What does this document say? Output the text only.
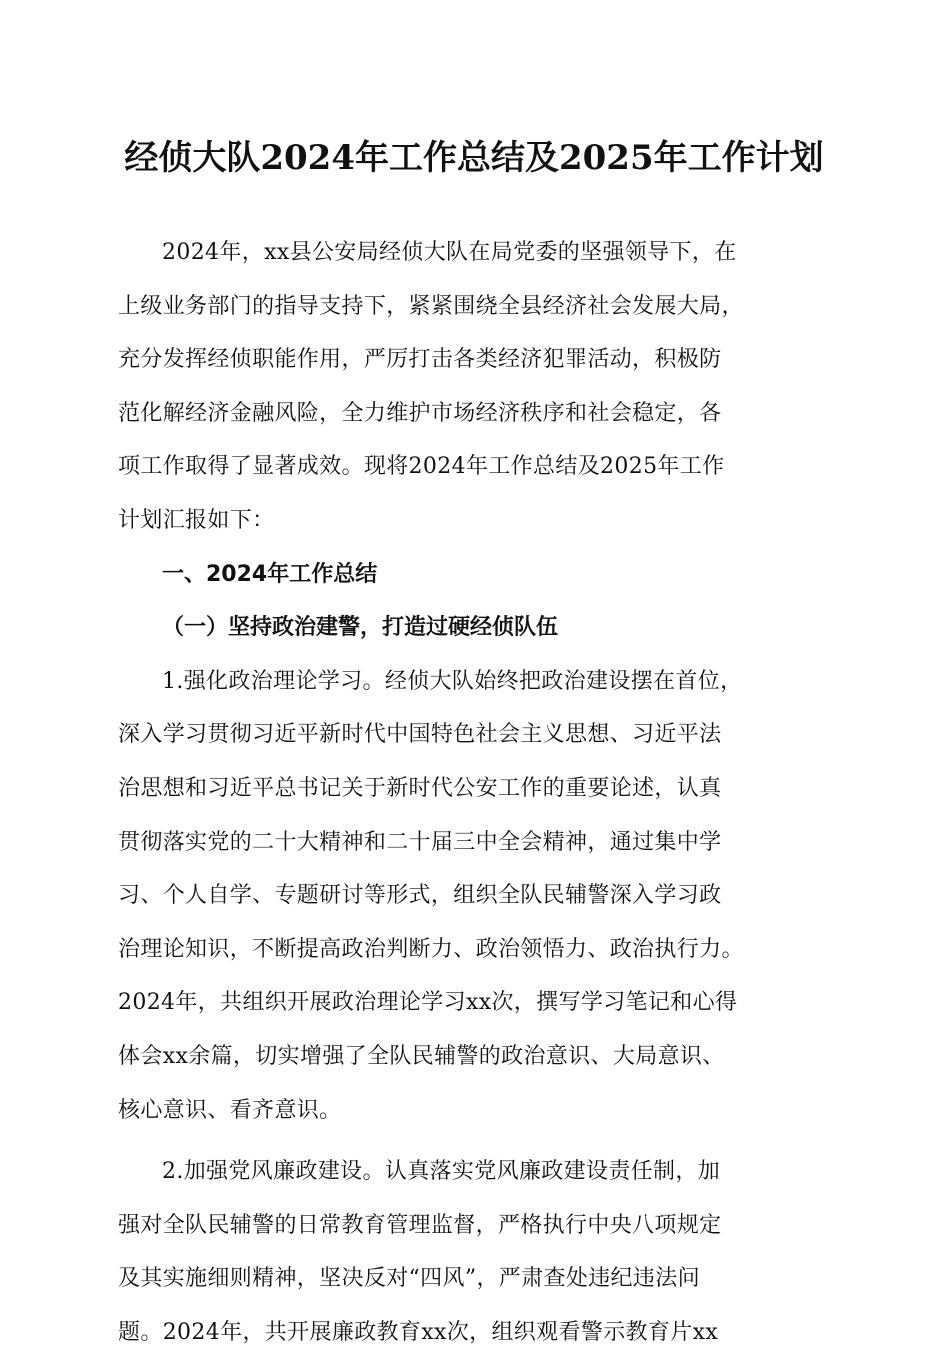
经侦大队2024年工作总结及2025年工作计划
2024年，xx县公安局经侦大队在局党委的坚强领导下，在
上级业务部门的指导支持下，紧紧围绕全县经济社会发展大局，
充分发挥经侦职能作用，严厉打击各类经济犯罪活动，积极防
范化解经济金融风险，全力维护市场经济秩序和社会稳定，各
项工作取得了显著成效。现将2024年工作总结及2025年工作
计划汇报如下：
一、2024年工作总结
（一）坚持政治建警，打造过硬经侦队伍
1.强化政治理论学习。经侦大队始终把政治建设摆在首位，
深入学习贯彻习近平新时代中国特色社会主义思想、习近平法
治思想和习近平总书记关于新时代公安工作的重要论述，认真
贯彻落实党的二十大精神和二十届三中全会精神，通过集中学
习、个人自学、专题研讨等形式，组织全队民辅警深入学习政
治理论知识，不断提高政治判断力、政治领悟力、政治执行力。
2024年，共组织开展政治理论学习xx次，撰写学习笔记和心得
体会xx余篇，切实增强了全队民辅警的政治意识、大局意识、
核心意识、看齐意识。
2.加强党风廉政建设。认真落实党风廉政建设责任制，加
强对全队民辅警的日常教育管理监督，严格执行中央八项规定
及其实施细则精神，坚决反对“四风”，严肃查处违纪违法问
题。2024年，共开展廉政教育xx次，组织观看警示教育片xx
